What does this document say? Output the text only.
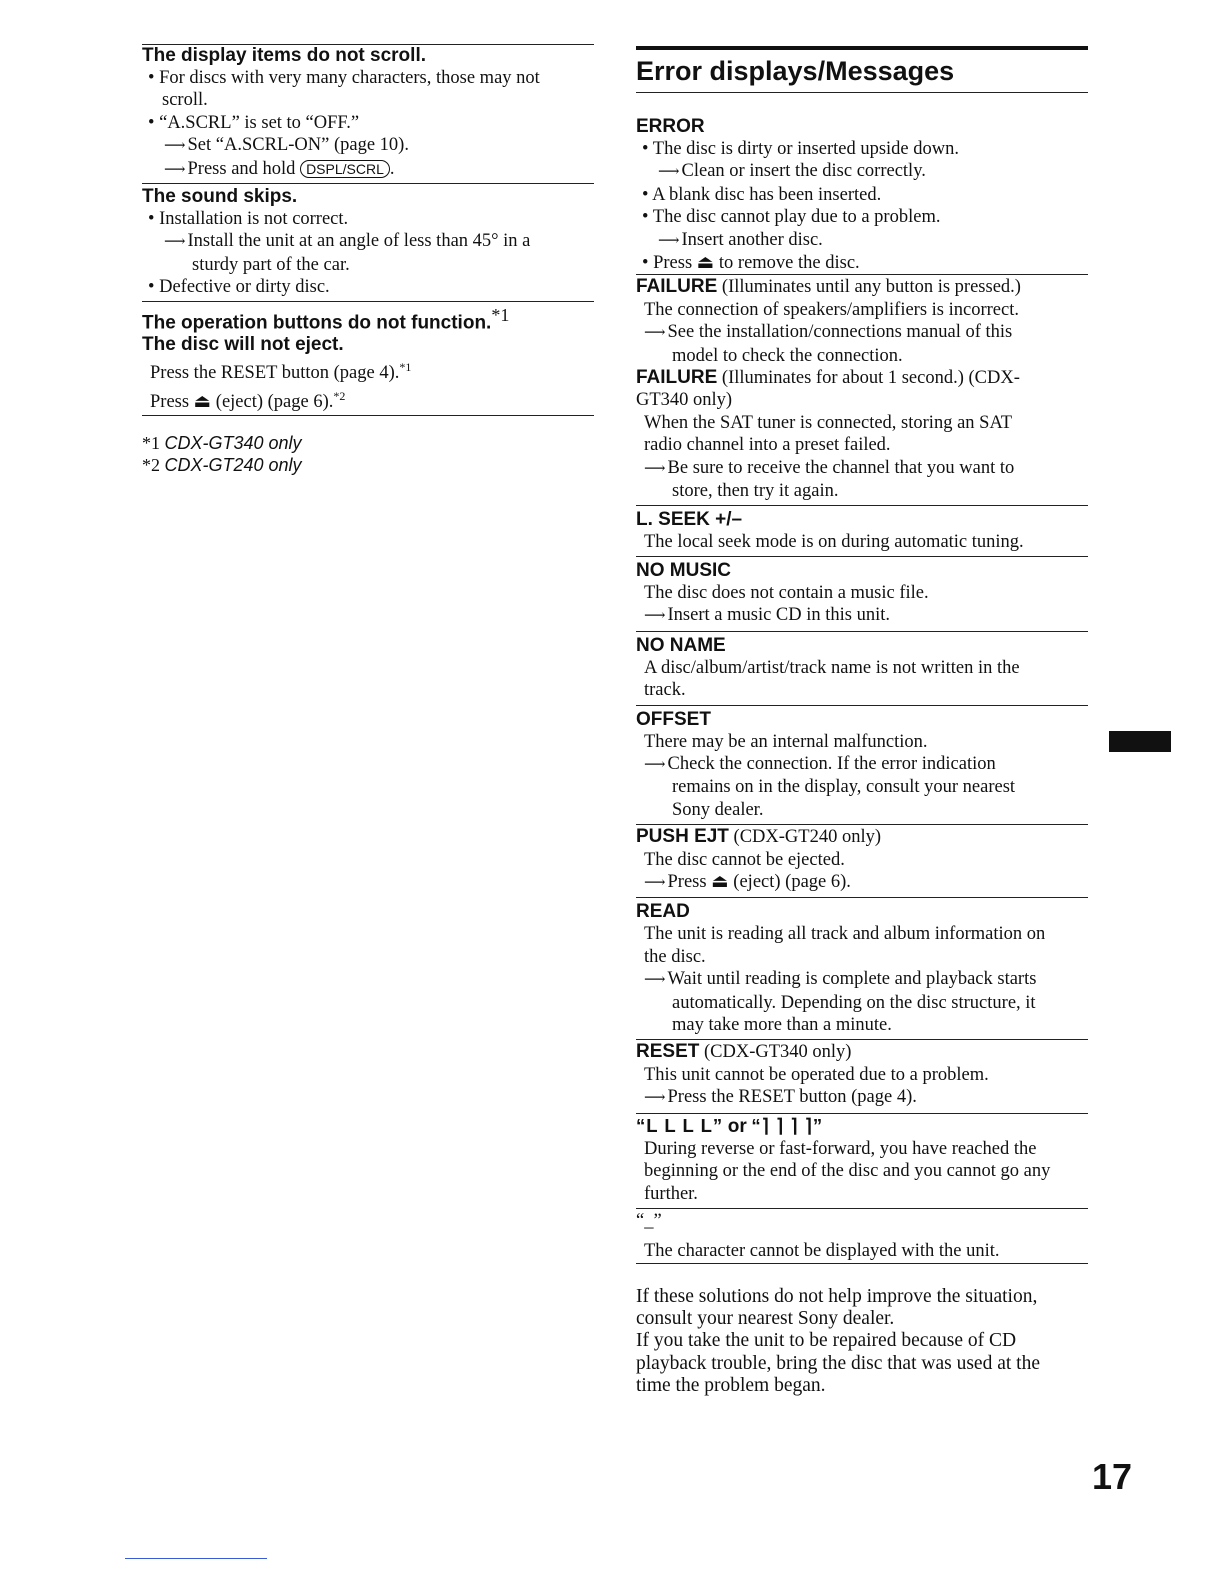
The display items do not scroll.
• For discs with very many characters, those may not
scroll.
• “A.SCRL” is set to “OFF.”
⟶ Set “A.SCRL-ON” (page 10).
⟶ Press and hold DSPL/SCRL .
The sound skips.
• Installation is not correct.
⟶ Install the unit at an angle of less than 45° in a
sturdy part of the car.
• Defective or dirty disc.
The operation buttons do not function.$^{*1}$
The disc will not eject.
Press the RESET button (page 4).$^{*1}$
Press ⏏ (eject) (page 6).$^{*2}$
*1 CDX-GT340 only
*2 CDX-GT240 only
Error displays/Messages
ERROR
• The disc is dirty or inserted upside down.
⟶ Clean or insert the disc correctly.
• A blank disc has been inserted.
• The disc cannot play due to a problem.
⟶ Insert another disc.
• Press ⏏ to remove the disc.
FAILURE (Illuminates until any button is pressed.)
The connection of speakers/amplifiers is incorrect.
⟶ See the installation/connections manual of this
model to check the connection.
FAILURE (Illuminates for about 1 second.) (CDX-
GT340 only)
When the SAT tuner is connected, storing an SAT
radio channel into a preset failed.
⟶ Be sure to receive the channel that you want to
store, then try it again.
L. SEEK +/–
The local seek mode is on during automatic tuning.
NO MUSIC
The disc does not contain a music file.
⟶ Insert a music CD in this unit.
NO NAME
A disc/album/artist/track name is not written in the
track.
OFFSET
There may be an internal malfunction.
⟶ Check the connection. If the error indication
remains on in the display, consult your nearest
Sony dealer.
PUSH EJT (CDX-GT240 only)
The disc cannot be ejected.
⟶ Press ⏏ (eject) (page 6).
READ
The unit is reading all track and album information on
the disc.
⟶ Wait until reading is complete and playback starts
automatically. Depending on the disc structure, it
may take more than a minute.
RESET (CDX-GT340 only)
This unit cannot be operated due to a problem.
⟶ Press the RESET button (page 4).
“L L L L” or “⌉ ⌉ ⌉ ⌉”
During reverse or fast-forward, you have reached the
beginning or the end of the disc and you cannot go any
further.
“_”
The character cannot be displayed with the unit.
If these solutions do not help improve the situation,
consult your nearest Sony dealer.
If you take the unit to be repaired because of CD
playback trouble, bring the disc that was used at the
time the problem began.
17
